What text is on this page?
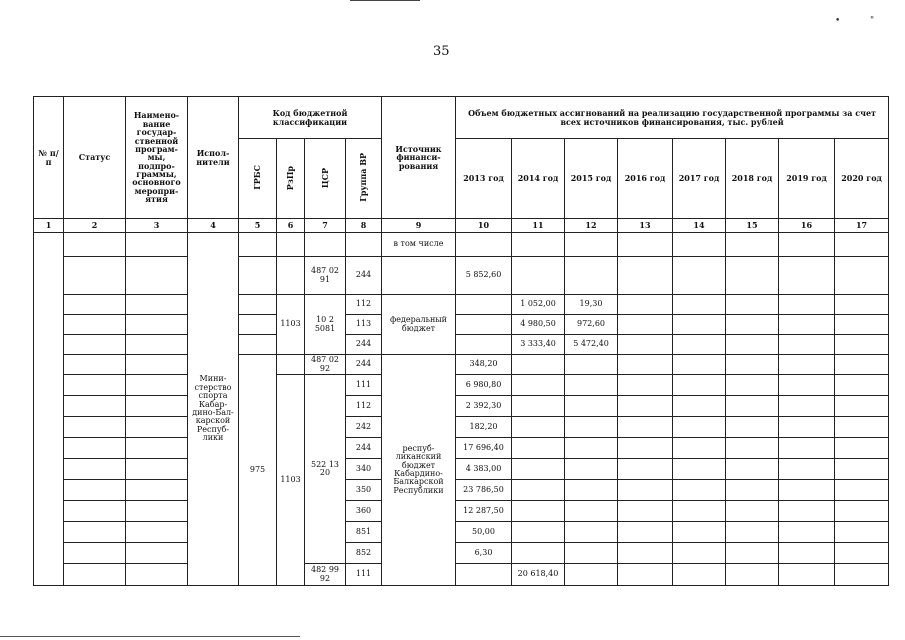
35
•	"
№ п/п	Статус	Наимено-вание госудаp-ственной програм-мы, подпро-граммы, основного меропри-ятия	Испол-нители	Код бюджетной классификации				Источник финанси-рования	Объем бюджетных ассигнований на реализацию государственной программы за счет всех источников финансирования, тыс. рублей								
				ГРБС	РзПр	ЦСР	Группа ВР		2013 год	2014 год	2015 год	2016 год	2017 год	2018 год	2019 год	2020 год	
1	2	3	4	5	6	7	8	9	10	11	12	13	14	15	16	17	
			Мини-стерство спорта Кабар-дино-Бал-карской Респуб-лики					в том числе									
						487 02 91	244		5 852,60								
					1103	10 2 5081	112	федеральный бюджет		1 052,00	19,30						
							113			4 980,50	972,60						
							244			3 333,40	5 472,40						
				975		487 02 92	244	респуб-ликанский бюджет Кабардино-Балкарской Республики	348,20								
					1103	522 13 20	111		6 980,80								
							112		2 392,30								
							242		182,20								
							244		17 696,40								
							340		4 383,00								
							350		23 786,50								
							360		12 287,50								
							851		50,00								
							852		6,30								
						482 99 92	111			20 618,40								
